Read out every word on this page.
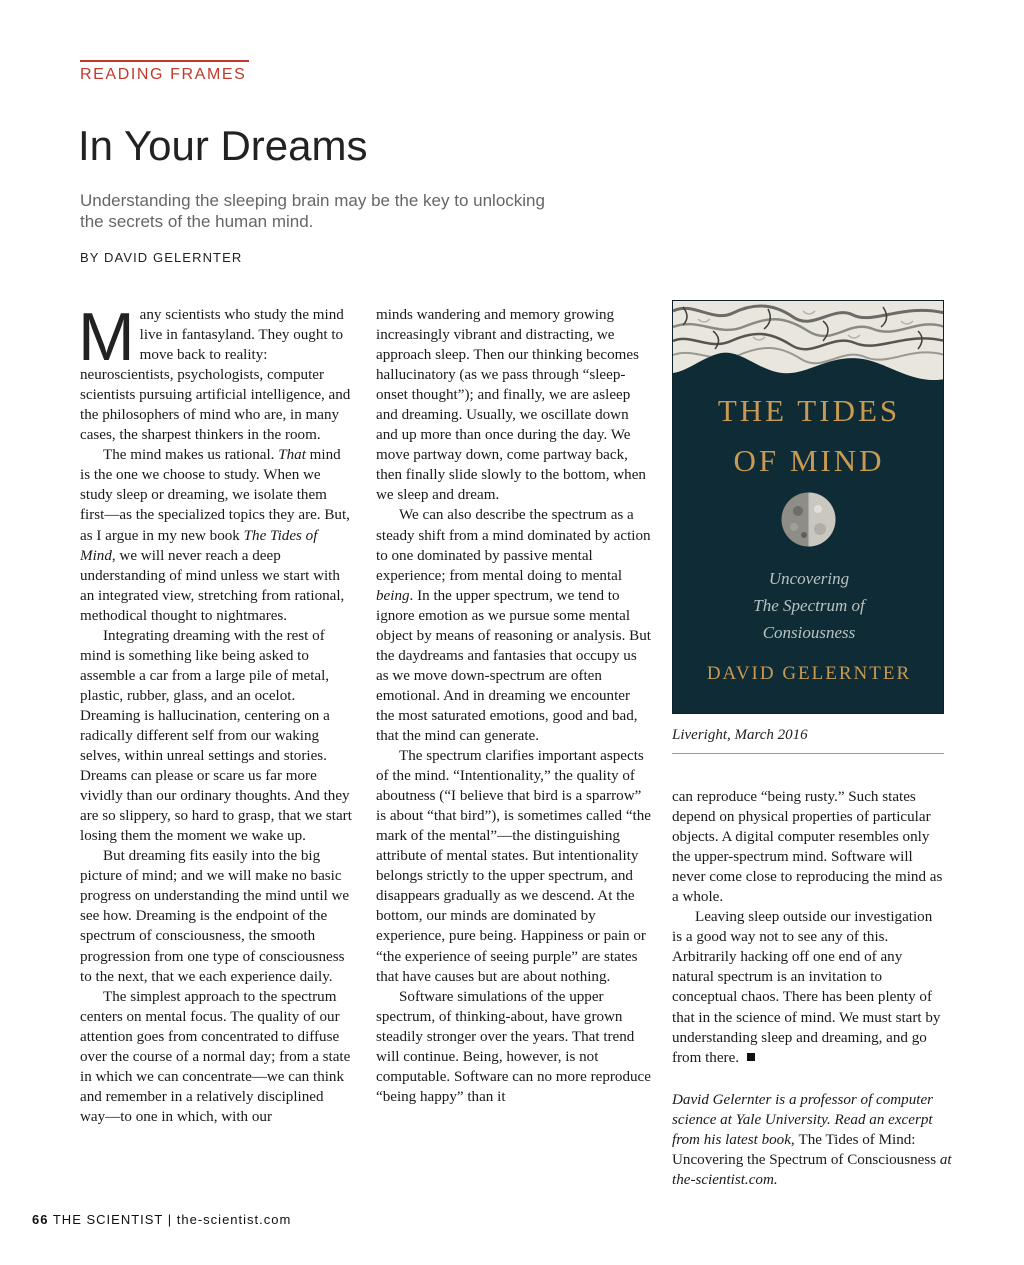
READING FRAMES
In Your Dreams
Understanding the sleeping brain may be the key to unlocking
the secrets of the human mind.
BY DAVID GELERNTER

Many scientists who study the mind live in fantasyland. They ought to move back to reality: neuroscientists, psychologists, computer scientists pursuing artificial intelligence, and the philosophers of mind who are, in many cases, the sharpest thinkers in the room.

The mind makes us rational. That mind is the one we choose to study. When we study sleep or dreaming, we isolate them first—as the specialized topics they are. But, as I argue in my new book The Tides of Mind, we will never reach a deep understanding of mind unless we start with an integrated view, stretching from rational, methodical thought to nightmares.

Integrating dreaming with the rest of mind is something like being asked to assemble a car from a large pile of metal, plastic, rubber, glass, and an ocelot. Dreaming is hallucination, centering on a radically different self from our waking selves, within unreal settings and stories. Dreams can please or scare us far more vividly than our ordinary thoughts. And they are so slippery, so hard to grasp, that we start losing them the moment we wake up.

But dreaming fits easily into the big picture of mind; and we will make no basic progress on understanding the mind until we see how. Dreaming is the endpoint of the spectrum of consciousness, the smooth progression from one type of consciousness to the next, that we each experience daily.

The simplest approach to the spectrum centers on mental focus. The quality of our attention goes from concentrated to diffuse over the course of a normal day; from a state in which we can concentrate—we can think and remember in a relatively disciplined way—to one in which, with our

minds wandering and memory growing increasingly vibrant and distracting, we approach sleep. Then our thinking becomes hallucinatory (as we pass through “sleep-onset thought”); and finally, we are asleep and dreaming. Usually, we oscillate down and up more than once during the day. We move partway down, come partway back, then finally slide slowly to the bottom, when we sleep and dream.

We can also describe the spectrum as a steady shift from a mind dominated by action to one dominated by passive mental experience; from mental doing to mental being. In the upper spectrum, we tend to ignore emotion as we pursue some mental object by means of reasoning or analysis. But the daydreams and fantasies that occupy us as we move down-spectrum are often emotional. And in dreaming we encounter the most saturated emotions, good and bad, that the mind can generate.

The spectrum clarifies important aspects of the mind. “Intentionality,” the quality of aboutness (“I believe that bird is a sparrow” is about “that bird”), is sometimes called “the mark of the mental”—the distinguishing attribute of mental states. But intentionality belongs strictly to the upper spectrum, and disappears gradually as we descend. At the bottom, our minds are dominated by experience, pure being. Happiness or pain or “the experience of seeing purple” are states that have causes but are about nothing.

Software simulations of the upper spectrum, of thinking-about, have grown steadily stronger over the years. That trend will continue. Being, however, is not computable. Software can no more reproduce “being happy” than it

THE TIDES
OF MIND
Uncovering
The Spectrum of
Consiousness
DAVID GELERNTER
Liveright, March 2016

can reproduce “being rusty.” Such states depend on physical properties of particular objects. A digital computer resembles only the upper-spectrum mind. Software will never come close to reproducing the mind as a whole.

Leaving sleep outside our investigation is a good way not to see any of this. Arbitrarily hacking off one end of any natural spectrum is an invitation to conceptual chaos. There has been plenty of that in the science of mind. We must start by understanding sleep and dreaming, and go from there.

David Gelernter is a professor of computer science at Yale University. Read an excerpt from his latest book, The Tides of Mind: Uncovering the Spectrum of Consciousness at the-scientist.com.
66 THE SCIENTIST | the-scientist.com
